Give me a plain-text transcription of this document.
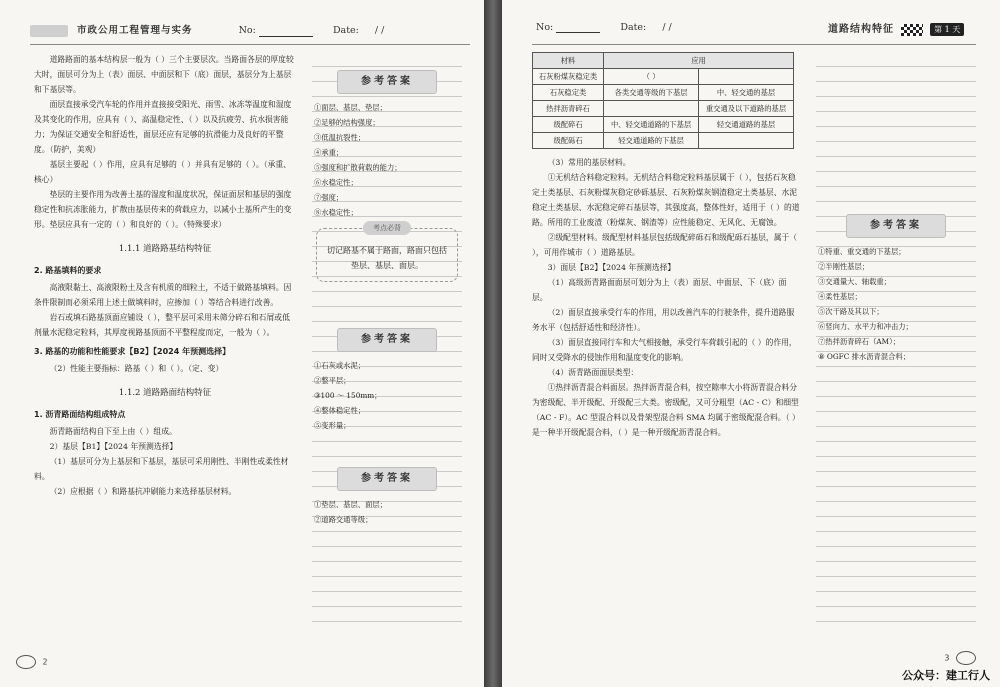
市政公用工程管理与实务	No:	Date: / /

道路路面的基本结构层一般为（ ）三个主要层次。当路面各层的厚度较大时，面层可分为上（表）面层、中面层和下（底）面层，基层分为上基层和下基层等。

面层直接承受汽车轮的作用并直接接受阳光、雨雪、冰冻等温度和湿度及其变化的作用，应具有（ ）、高温稳定性、（ ）以及抗疲劳、抗水损害能力；为保证交通安全和舒适性，面层还应有足够的抗滑能力及良好的平整度。（防护，美观）

基层主要起（ ）作用，应具有足够的（ ）并具有足够的（ ）。（承重、核心）

垫层的主要作用为改善土基的湿度和温度状况，保证面层和基层的强度稳定性和抗冻胀能力，扩散由基层传来的荷载应力，以减小土基所产生的变形。垫层应具有一定的（ ）和良好的（ ）。（特殊要求）

1.1.1 道路路基结构特征
2. 路基填料的要求

高液限黏土、高液限粉土及含有机质的细粒土，不适于做路基填料。因条件限制而必须采用上述土做填料时，应掺加（ ）等结合料进行改善。

岩石或填石路基顶面应铺设（ ），整平层可采用未筛分碎石和石屑或低剂量水泥稳定粒料，其厚度视路基顶面不平整程度而定，一般为（ ）。

3. 路基的功能和性能要求【B2】【2024 年预测选择】

（2）性能主要指标：路基（ ）和（ ）。（定、变）

1.1.2 道路路面结构特征
1. 沥青路面结构组成特点

沥青路面结构自下至上由（ ）组成。

2）基层【B1】【2024 年预测选择】

（1）基层可分为上基层和下基层，基层可采用刚性、半刚性或柔性材料。

（2）应根据（ ）和路基抗冲刷能力来选择基层材料。

参考答案
①面层、基层、垫层；
②足够的结构强度；
③低温抗裂性；
④承重；
⑤强度和扩散荷载的能力；
⑥水稳定性；
⑦强度；
⑧水稳定性；
考点必背
切记路基不属于路面，路面只包括垫层、基层、面层。
参考答案
①石灰或水泥；
②整平层；
③100 ～ 150mm；
④整体稳定性；
⑤变形量；
参考答案
①垫层、基层、面层；
②道路交通等级；
2
No:	Date: / /	道路结构特征	第 1 天
材料	应用	
石灰粉煤灰稳定类	（ ）	
石灰稳定类	各类交通等级的下基层	中、轻交通的基层
热拌沥青碎石		重交通及以下道路的基层
级配碎石	中、轻交通道路的下基层	轻交通道路的基层
级配砾石	轻交通道路的下基层	

（3）常用的基层材料。

①无机结合料稳定粒料。无机结合料稳定粒料基层属于（ ），包括石灰稳定土类基层、石灰粉煤灰稳定砂砾基层、石灰粉煤灰钢渣稳定土类基层、水泥稳定土类基层、水泥稳定碎石基层等，其强度高，整体性好，适用于（ ）的道路。所用的工业废渣（粉煤灰、钢渣等）应性能稳定、无风化、无腐蚀。

②级配型材料。级配型材料基层包括级配碎砾石和级配砾石基层，属于（ ），可用作城市（ ）道路基层。

3）面层【B2】【2024 年预测选择】

（1）高级沥青路面面层可划分为上（表）面层、中面层、下（底）面层。

（2）面层直接承受行车的作用，用以改善汽车的行驶条件，提升道路服务水平（包括舒适性和经济性）。

（3）面层直接同行车和大气相接触，承受行车荷载引起的（ ）的作用，同时又受降水的侵蚀作用和温度变化的影响。

（4）沥青路面面层类型：

①热拌沥青混合料面层。热拌沥青混合料，按空隙率大小将沥青混合料分为密级配、半开级配、开级配三大类。密级配，又可分粗型（AC - C）和细型（AC - F）。AC 型混合料以及骨架型混合料 SMA 均属于密级配混合料。（ ）是一种半开级配混合料，（ ）是一种开级配沥青混合料。

参考答案
①特重、重交通的下基层；
②半刚性基层；
③交通量大、轴载重；
④柔性基层；
⑤次干路及其以下；
⑥竖向力、水平力和冲击力；
⑦热拌沥青碎石（AM）；
⑧ OGFC 排水沥青混合料；
3
公众号：建工行人
